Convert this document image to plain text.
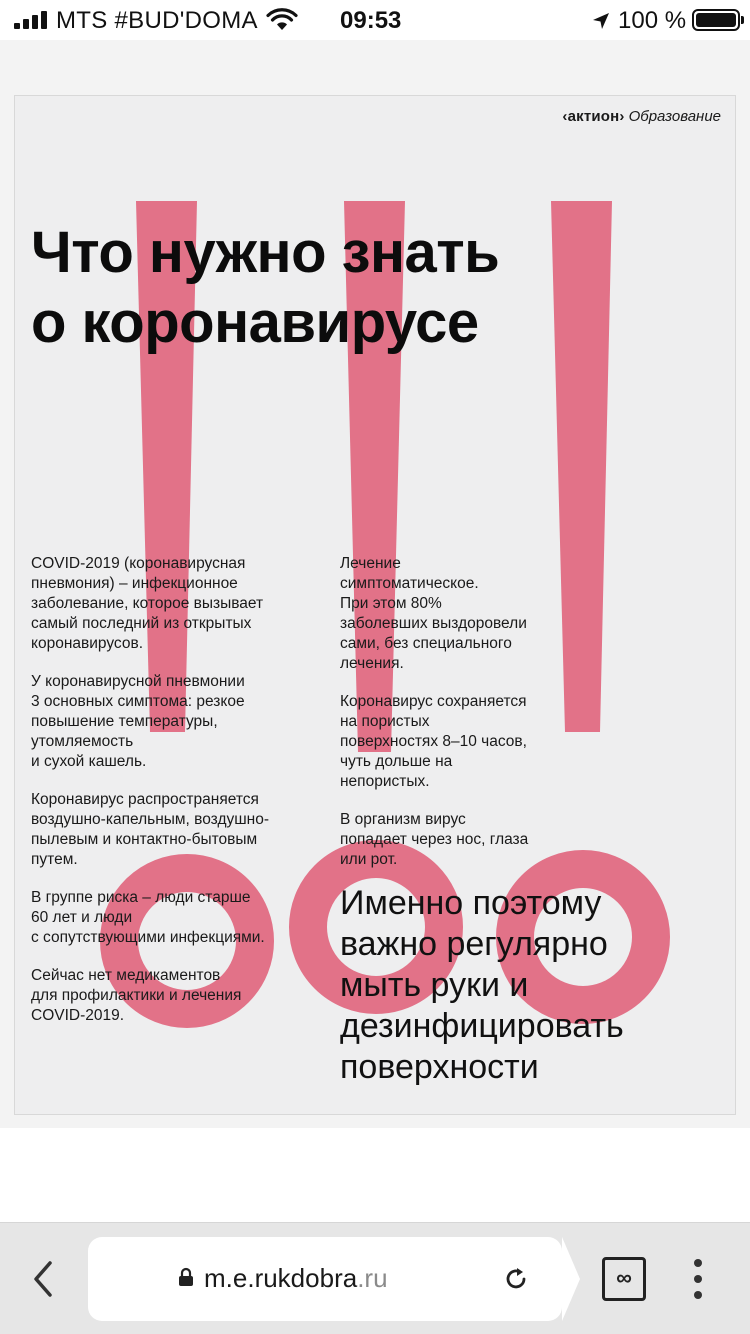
MTS #BUD'DOMA	09:53	100 %
‹актион› Образование
Что нужно знать
о коронавирусе

COVID-2019 (коронавирусная
пневмония) – инфекционное
заболевание, которое вызывает
самый последний из открытых
коронавирусов.

У коронавирусной пневмонии
3 основных симптома: резкое
повышение температуры,
утомляемость
и сухой кашель.

Коронавирус распространяется
воздушно-капельным, воздушно-
пылевым и контактно-бытовым
путем.

В группе риска – люди старше
60 лет и люди
с сопутствующими инфекциями.

Сейчас нет медикаментов
для профилактики и лечения
COVID-2019.

Лечение
симптоматическое.
При этом 80%
заболевших выздоровели
сами, без специального
лечения.

Коронавирус сохраняется
на пористых
поверхностях 8–10 часов,
чуть дольше на
непористых.

В организм вирус
попадает через нос, глаза
или рот.

Именно поэтому
важно регулярно
мыть руки и
дезинфицировать
поверхности
m.e.rukdobra.ru	∞
